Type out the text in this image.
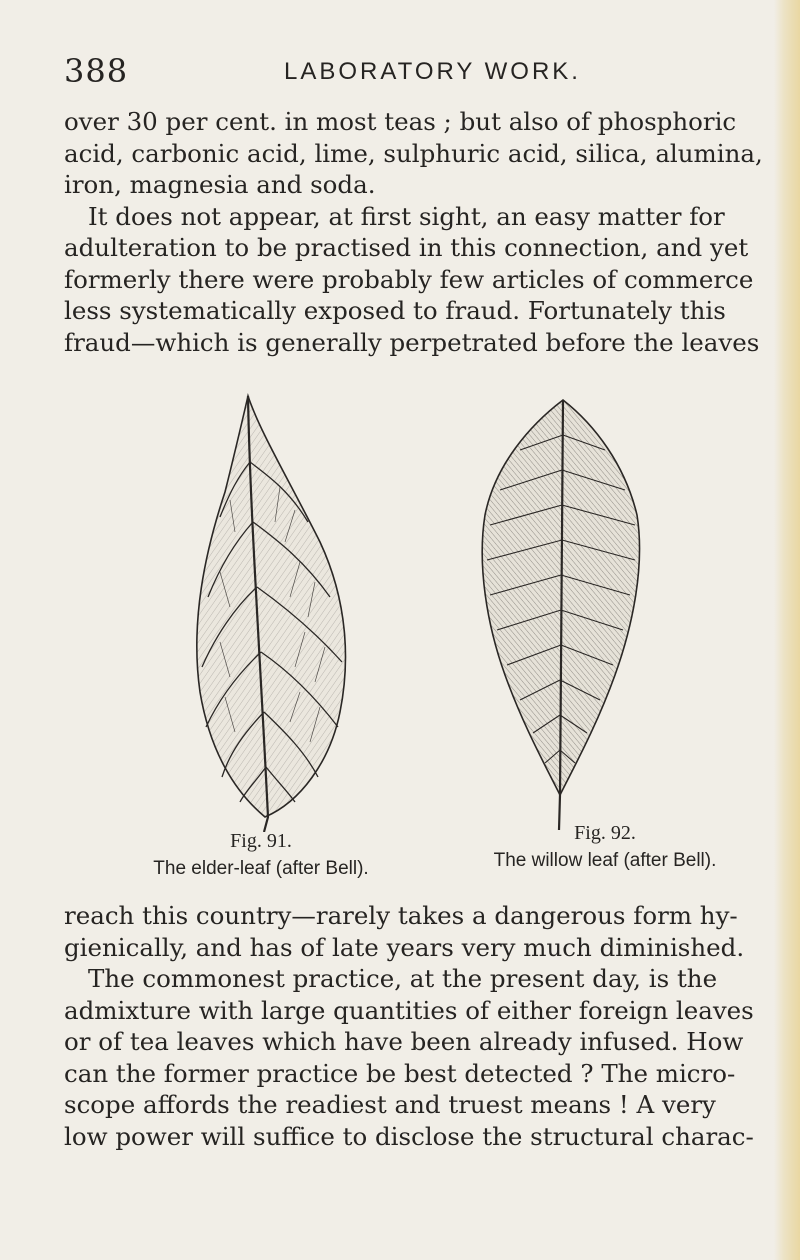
388	LABORATORY WORK.
over 30 per cent. in most teas ; but also of phosphoric
acid, carbonic acid, lime, sulphuric acid, silica, alumina,
iron, magnesia and soda.
It does not appear, at first sight, an easy matter for
adulteration to be practised in this connection, and yet
formerly there were probably few articles of commerce
less systematically exposed to fraud. Fortunately this
fraud—which is generally perpetrated before the leaves
Fig. 91.
The elder-leaf (after Bell).
Fig. 92.
The willow leaf (after Bell).
reach this country—rarely takes a dangerous form hy-
gienically, and has of late years very much diminished.
The commonest practice, at the present day, is the
admixture with large quantities of either foreign leaves
or of tea leaves which have been already infused. How
can the former practice be best detected ? The micro-
scope affords the readiest and truest means ! A very
low power will suffice to disclose the structural charac-
